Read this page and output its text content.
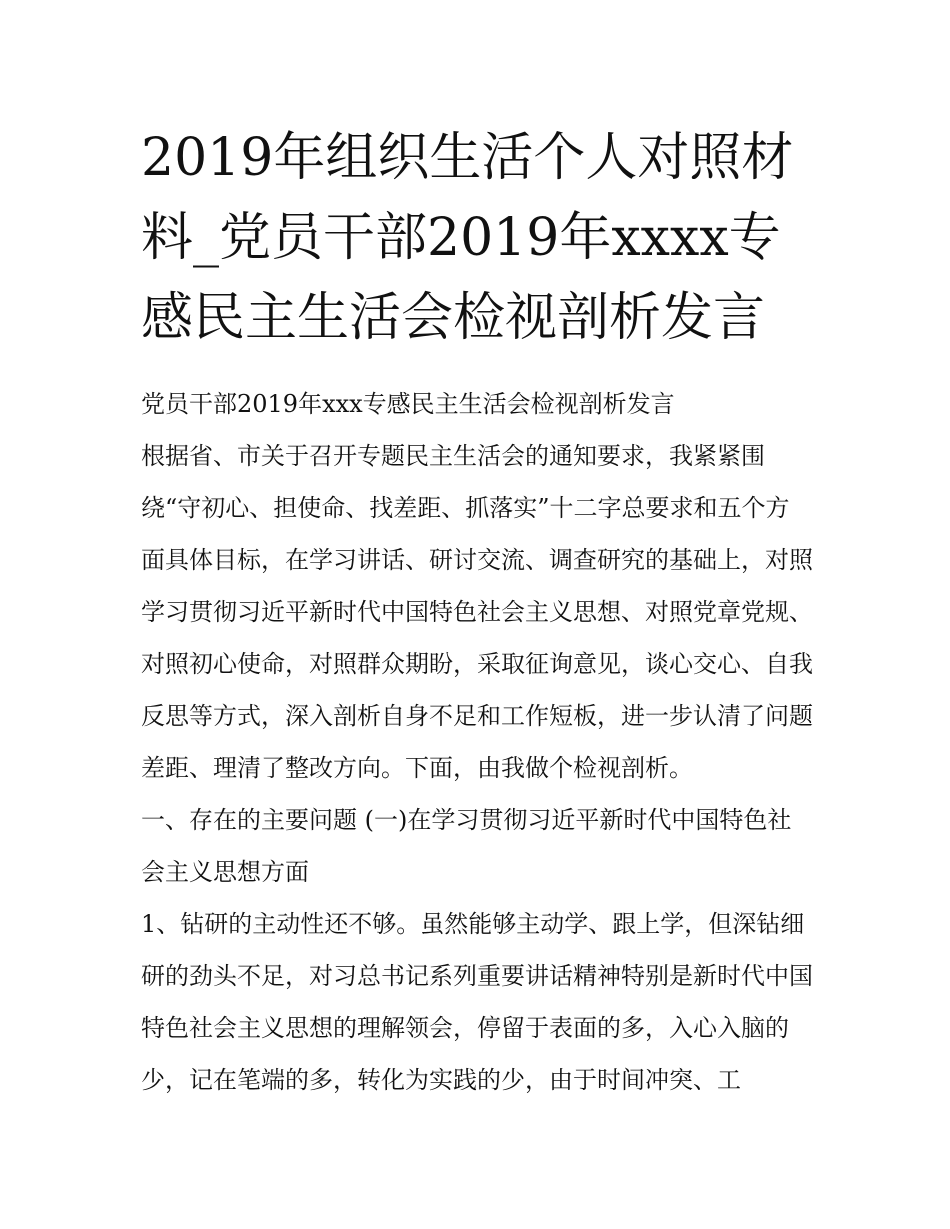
2019年组织生活个人对照材料_党员干部2019年xxxx专感民主生活会检视剖析发言

党员干部2019年xxx专感民主生活会检视剖析发言

根据省、市关于召开专题民主生活会的通知要求，我紧紧围绕“守初心、担使命、找差距、抓落实”十二字总要求和五个方面具体目标，在学习讲话、研讨交流、调查研究的基础上，对照学习贯彻习近平新时代中国特色社会主义思想、对照党章党规、对照初心使命，对照群众期盼，采取征询意见，谈心交心、自我反思等方式，深入剖析自身不足和工作短板，进一步认清了问题差距、理清了整改方向。下面，由我做个检视剖析。

一、存在的主要问题 (一)在学习贯彻习近平新时代中国特色社会主义思想方面

1、钻研的主动性还不够。虽然能够主动学、跟上学，但深钻细研的劲头不足，对习总书记系列重要讲话精神特别是新时代中国特色社会主义思想的理解领会，停留于表面的多，入心入脑的少，记在笔端的多，转化为实践的少，由于时间冲突、工
